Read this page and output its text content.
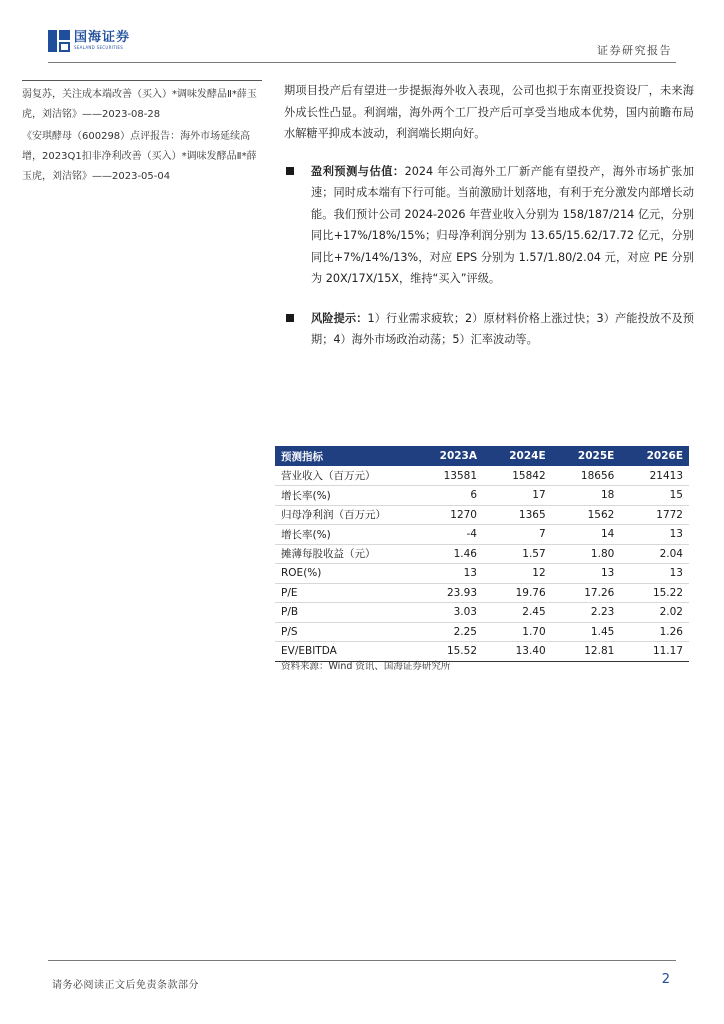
国海证券
SEALAND SECURITIES	证券研究报告
弱复苏，关注成本端改善（买入）*调味发酵品Ⅱ*薛玉虎，刘洁铭》——2023-08-28
《安琪酵母（600298）点评报告：海外市场延续高增，2023Q1扣非净利改善（买入）*调味发酵品Ⅱ*薛玉虎，刘洁铭》——2023-05-04

期项目投产后有望进一步提振海外收入表现，公司也拟于东南亚投资设厂，未来海外成长性凸显。利润端，海外两个工厂投产后可享受当地成本优势，国内前瞻布局水解糖平抑成本波动，利润端长期向好。

盈利预测与估值：2024 年公司海外工厂新产能有望投产，海外市场扩张加速；同时成本端有下行可能。当前激励计划落地，有利于充分激发内部增长动能。我们预计公司 2024-2026 年营业收入分别为 158/187/214 亿元，分别同比+17%/18%/15%；归母净利润分别为 13.65/15.62/17.72 亿元，分别同比+7%/14%/13%，对应 EPS 分别为 1.57/1.80/2.04 元，对应 PE 分别为 20X/17X/15X，维持“买入”评级。
风险提示：1）行业需求疲软；2）原材料价格上涨过快；3）产能投放不及预期；4）海外市场政治动荡；5）汇率波动等。
预测指标	2023A	2024E	2025E	2026E
营业收入（百万元）	13581	15842	18656	21413
增长率(%)	6	17	18	15
归母净利润（百万元）	1270	1365	1562	1772
增长率(%)	-4	7	14	13
摊薄每股收益（元）	1.46	1.57	1.80	2.04
ROE(%)	13	12	13	13
P/E	23.93	19.76	17.26	15.22
P/B	3.03	2.45	2.23	2.02
P/S	2.25	1.70	1.45	1.26
EV/EBITDA	15.52	13.40	12.81	11.17
资料来源：Wind 资讯、国海证券研究所
请务必阅读正文后免责条款部分	2
